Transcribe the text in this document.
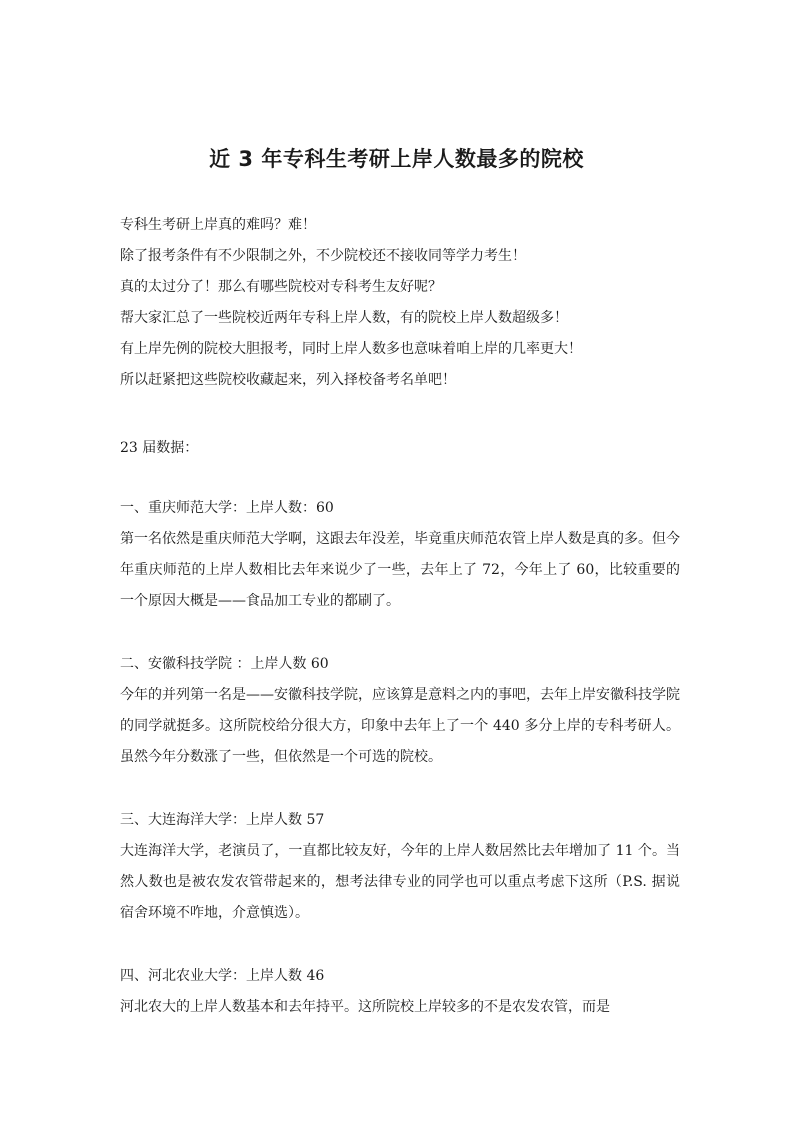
近 3 年专科生考研上岸人数最多的院校
专科生考研上岸真的难吗？难！
除了报考条件有不少限制之外，不少院校还不接收同等学力考生！
真的太过分了！那么有哪些院校对专科考生友好呢？
帮大家汇总了一些院校近两年专科上岸人数，有的院校上岸人数超级多！
有上岸先例的院校大胆报考，同时上岸人数多也意味着咱上岸的几率更大！
所以赶紧把这些院校收藏起来，列入择校备考名单吧！

23 届数据：

一、重庆师范大学：上岸人数：60

第一名依然是重庆师范大学啊，这跟去年没差，毕竟重庆师范农管上岸人数是真的多。但今年重庆师范的上岸人数相比去年来说少了一些，去年上了 72，今年上了 60，比较重要的一个原因大概是——食品加工专业的都刷了。

二、安徽科技学院 ：上岸人数 60

今年的并列第一名是——安徽科技学院，应该算是意料之内的事吧，去年上岸安徽科技学院的同学就挺多。这所院校给分很大方，印象中去年上了一个 440 多分上岸的专科考研人。虽然今年分数涨了一些，但依然是一个可选的院校。

三、大连海洋大学：上岸人数 57

大连海洋大学，老演员了，一直都比较友好，今年的上岸人数居然比去年增加了 11 个。当然人数也是被农发农管带起来的，想考法律专业的同学也可以重点考虑下这所（P.S. 据说宿舍环境不咋地，介意慎选）。

四、河北农业大学：上岸人数 46

河北农大的上岸人数基本和去年持平。这所院校上岸较多的不是农发农管，而是
